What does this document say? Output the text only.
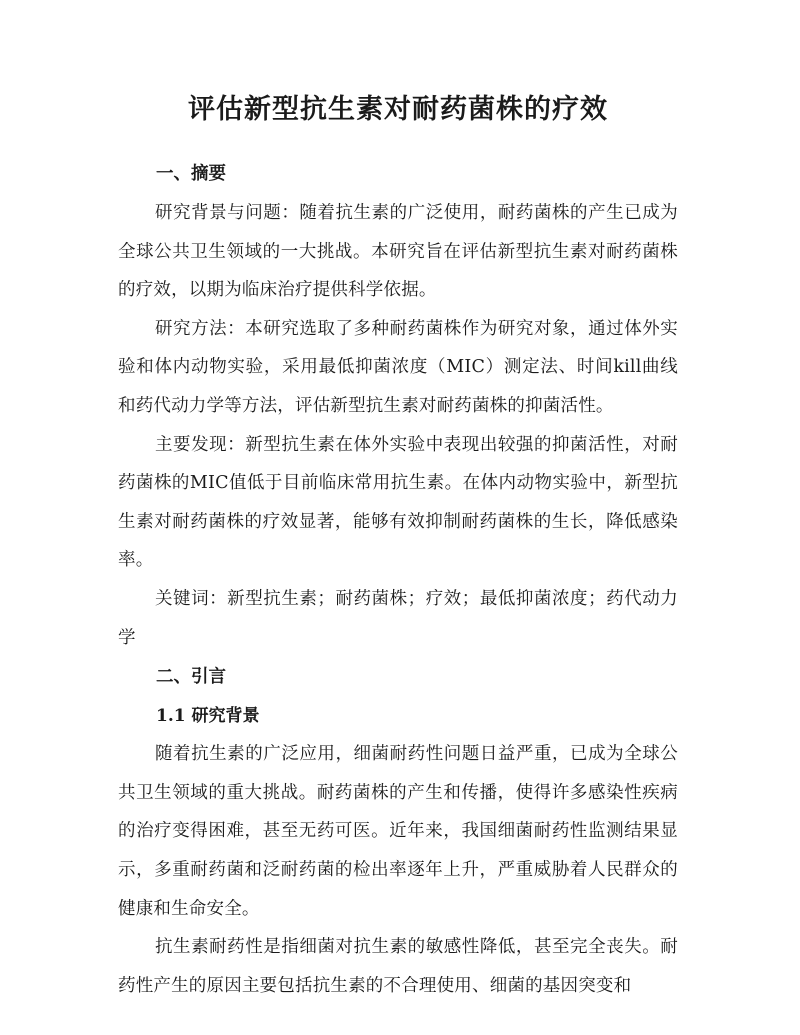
评估新型抗生素对耐药菌株的疗效
一、摘要

研究背景与问题：随着抗生素的广泛使用，耐药菌株的产生已成为全球公共卫生领域的一大挑战。本研究旨在评估新型抗生素对耐药菌株的疗效，以期为临床治疗提供科学依据。

研究方法：本研究选取了多种耐药菌株作为研究对象，通过体外实验和体内动物实验，采用最低抑菌浓度（MIC）测定法、时间kill曲线和药代动力学等方法，评估新型抗生素对耐药菌株的抑菌活性。

主要发现：新型抗生素在体外实验中表现出较强的抑菌活性，对耐药菌株的MIC值低于目前临床常用抗生素。在体内动物实验中，新型抗生素对耐药菌株的疗效显著，能够有效抑制耐药菌株的生长，降低感染率。

关键词：新型抗生素；耐药菌株；疗效；最低抑菌浓度；药代动力学

二、引言
1.1 研究背景

随着抗生素的广泛应用，细菌耐药性问题日益严重，已成为全球公共卫生领域的重大挑战。耐药菌株的产生和传播，使得许多感染性疾病的治疗变得困难，甚至无药可医。近年来，我国细菌耐药性监测结果显示，多重耐药菌和泛耐药菌的检出率逐年上升，严重威胁着人民群众的健康和生命安全。

抗生素耐药性是指细菌对抗生素的敏感性降低，甚至完全丧失。耐药性产生的原因主要包括抗生素的不合理使用、细菌的基因突变和
